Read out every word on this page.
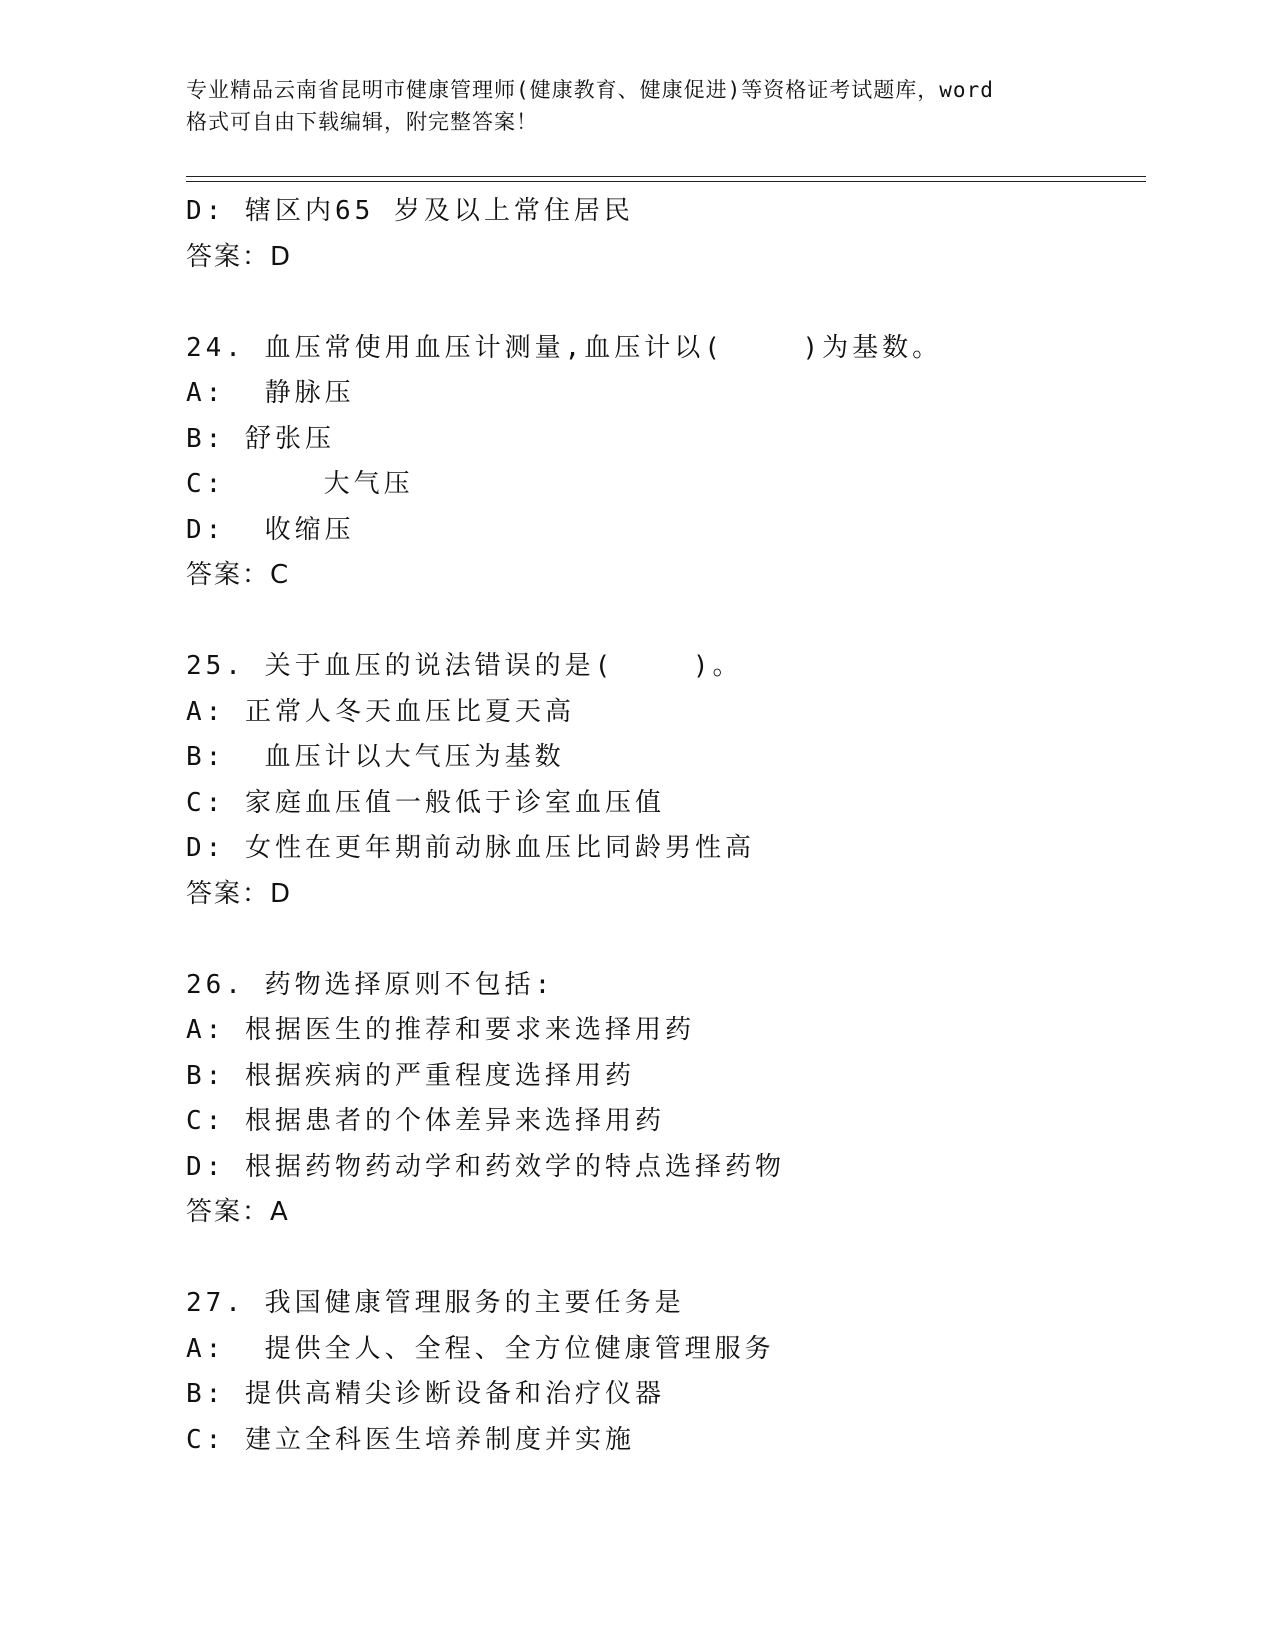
专业精品云南省昆明市健康管理师(健康教育、健康促进)等资格证考试题库，word
格式可自由下载编辑，附完整答案！
D: 辖区内65 岁及以上常住居民
答案：D
24. 血压常使用血压计测量,血压计以(    )为基数。
A:  静脉压
B: 舒张压
C:     大气压
D:  收缩压
答案：C
25. 关于血压的说法错误的是(    )。
A: 正常人冬天血压比夏天高
B:  血压计以大气压为基数
C: 家庭血压值一般低于诊室血压值
D: 女性在更年期前动脉血压比同龄男性高
答案：D
26. 药物选择原则不包括:
A: 根据医生的推荐和要求来选择用药
B: 根据疾病的严重程度选择用药
C: 根据患者的个体差异来选择用药
D: 根据药物药动学和药效学的特点选择药物
答案：A
27. 我国健康管理服务的主要任务是
A:  提供全人、全程、全方位健康管理服务
B: 提供高精尖诊断设备和治疗仪器
C: 建立全科医生培养制度并实施
